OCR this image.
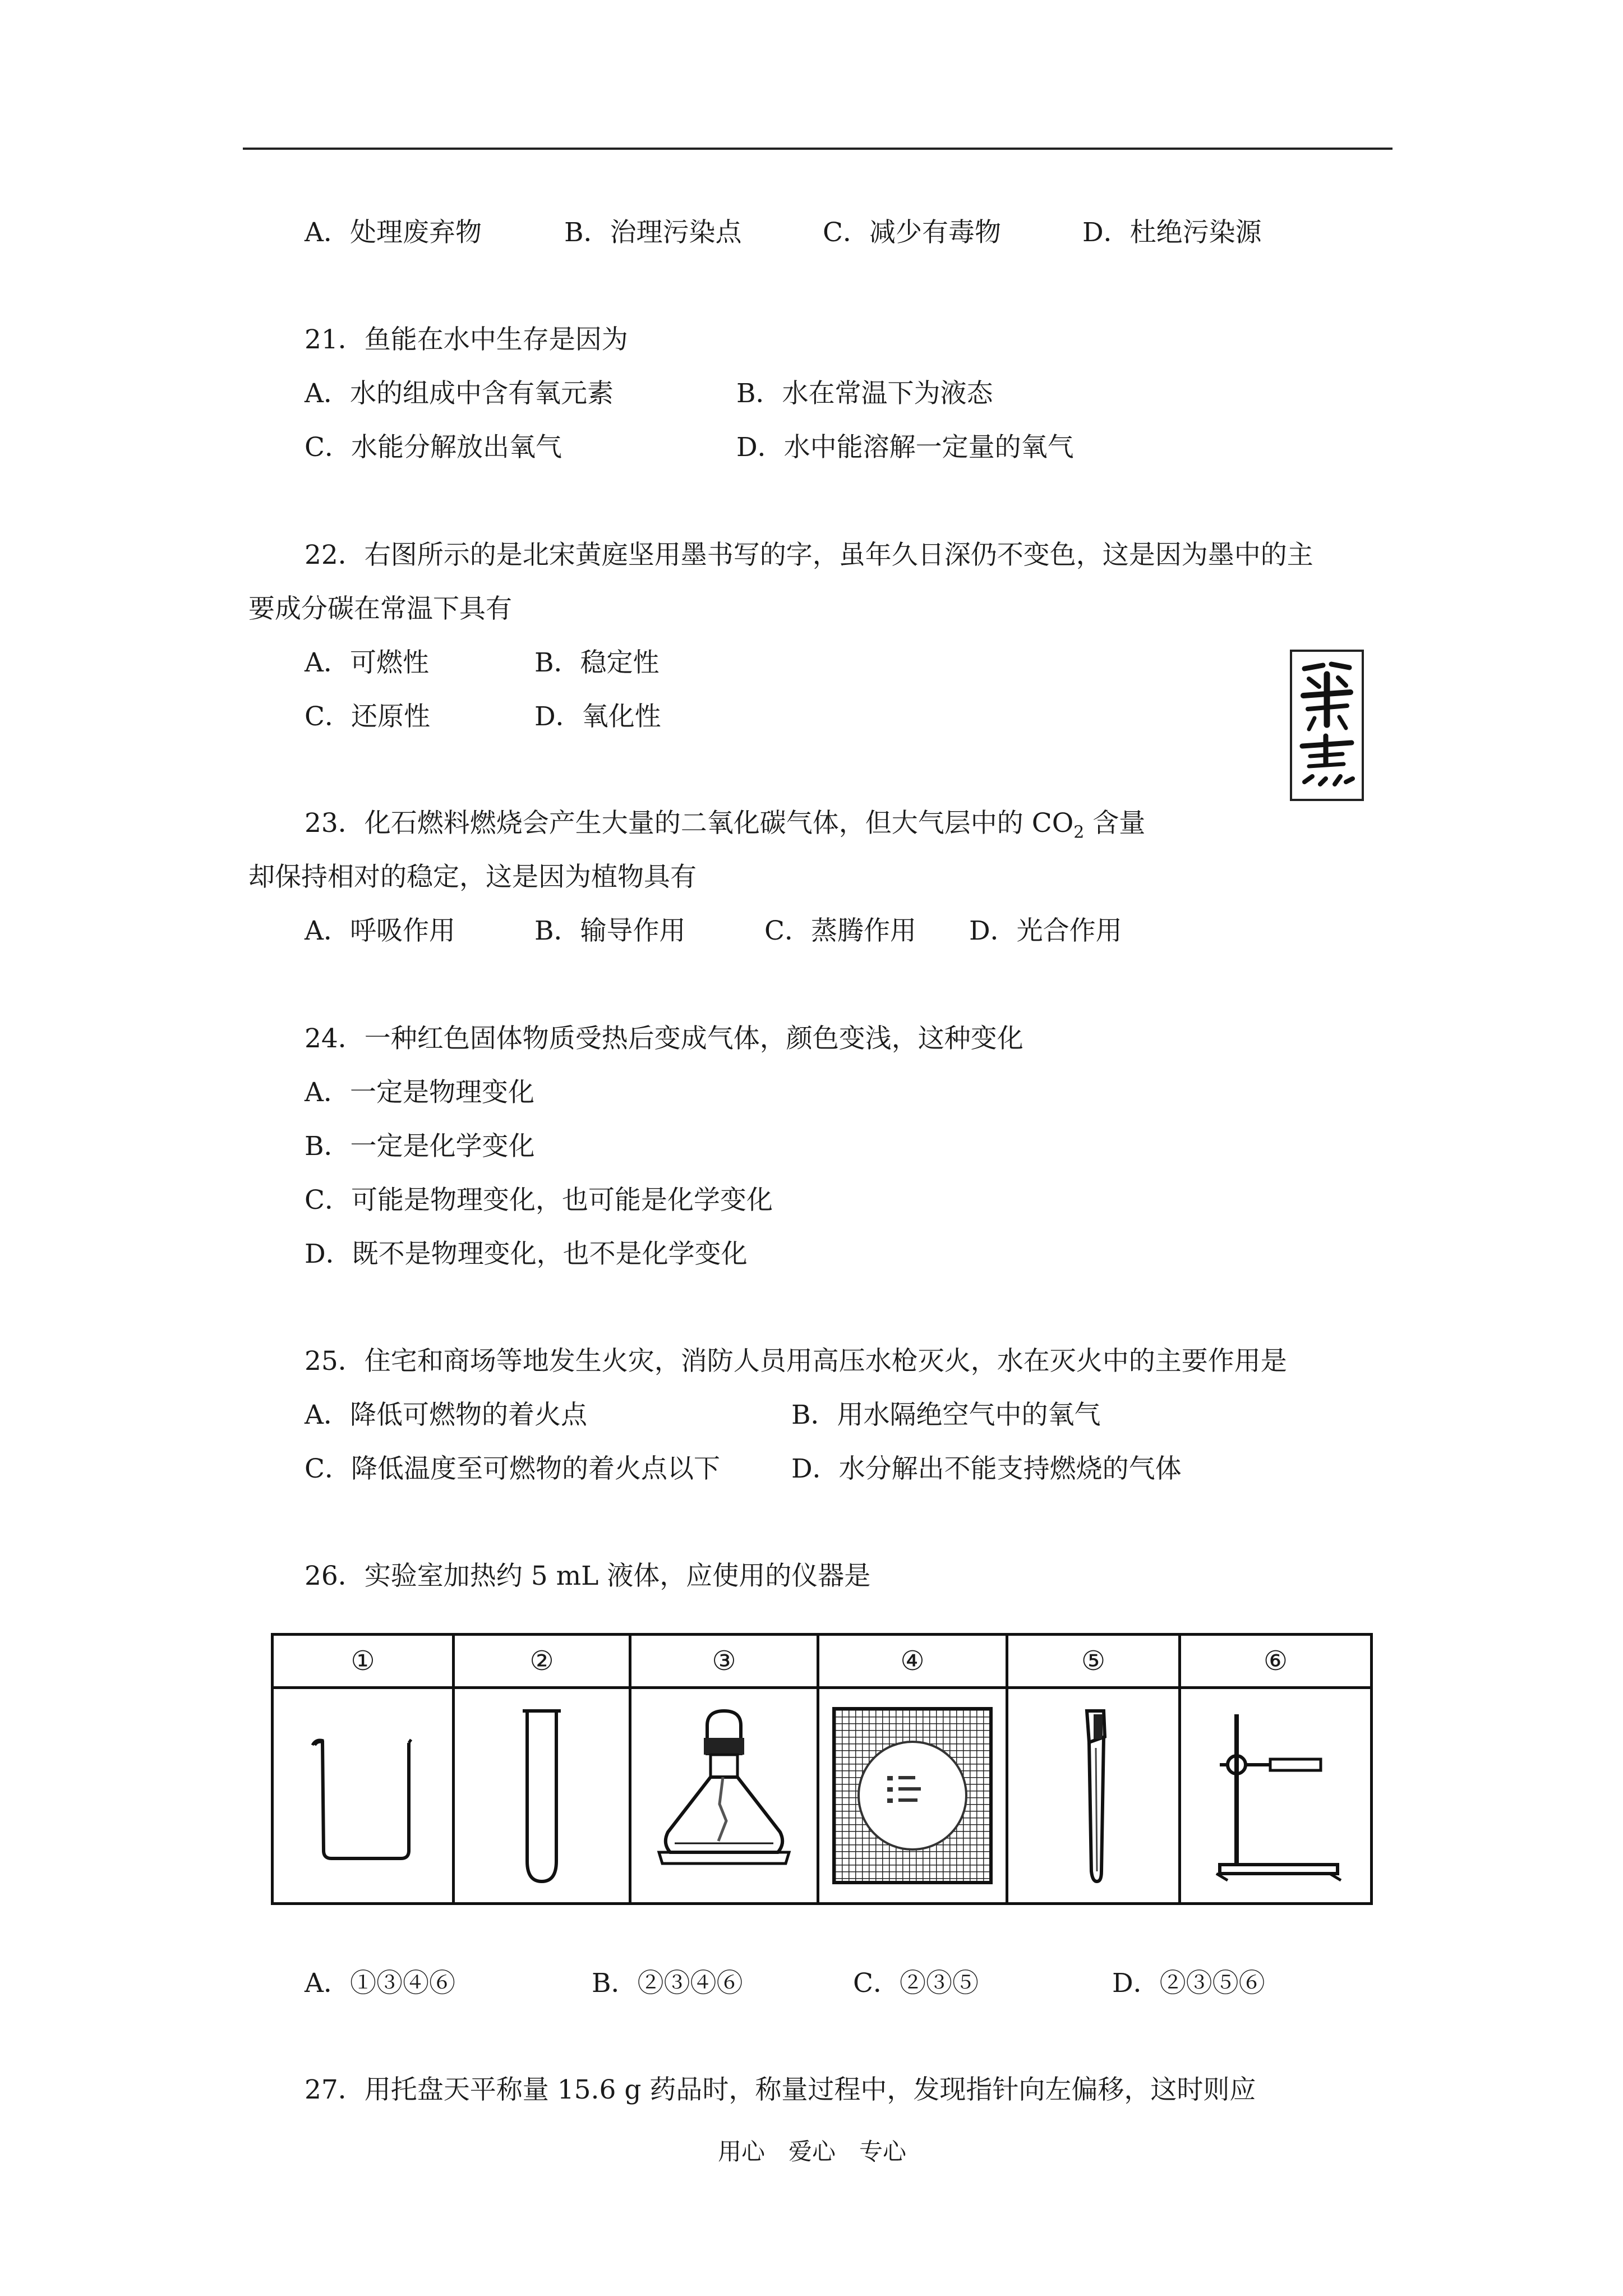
A．处理废弃物	B．治理污染点	C．减少有毒物	D．杜绝污染源
21．鱼能在水中生存是因为
A．水的组成中含有氧元素	B．水在常温下为液态
C．水能分解放出氧气	D．水中能溶解一定量的氧气
22．右图所示的是北宋黄庭坚用墨书写的字，虽年久日深仍不变色，这是因为墨中的主
要成分碳在常温下具有
A．可燃性	B．稳定性
C．还原性	D．氧化性
23．化石燃料燃烧会产生大量的二氧化碳气体，但大气层中的 $CO_2$ 含量
却保持相对的稳定，这是因为植物具有
A．呼吸作用	B．输导作用	C．蒸腾作用 D．光合作用
24．一种红色固体物质受热后变成气体，颜色变浅，这种变化
A．一定是物理变化
B．一定是化学变化
C．可能是物理变化，也可能是化学变化
D．既不是物理变化，也不是化学变化
25．住宅和商场等地发生火灾，消防人员用高压水枪灭火，水在灭火中的主要作用是
A．降低可燃物的着火点	B．用水隔绝空气中的氧气
C．降低温度至可燃物的着火点以下	D．水分解出不能支持燃烧的气体
26．实验室加热约 5 mL 液体，应使用的仪器是
①	②	③	④	⑤	⑥

A．①③④⑥	B．②③④⑥	C．②③⑤	D．②③⑤⑥
27．用托盘天平称量 15.6 g 药品时，称量过程中，发现指针向左偏移，这时则应
用心　爱心　专心
